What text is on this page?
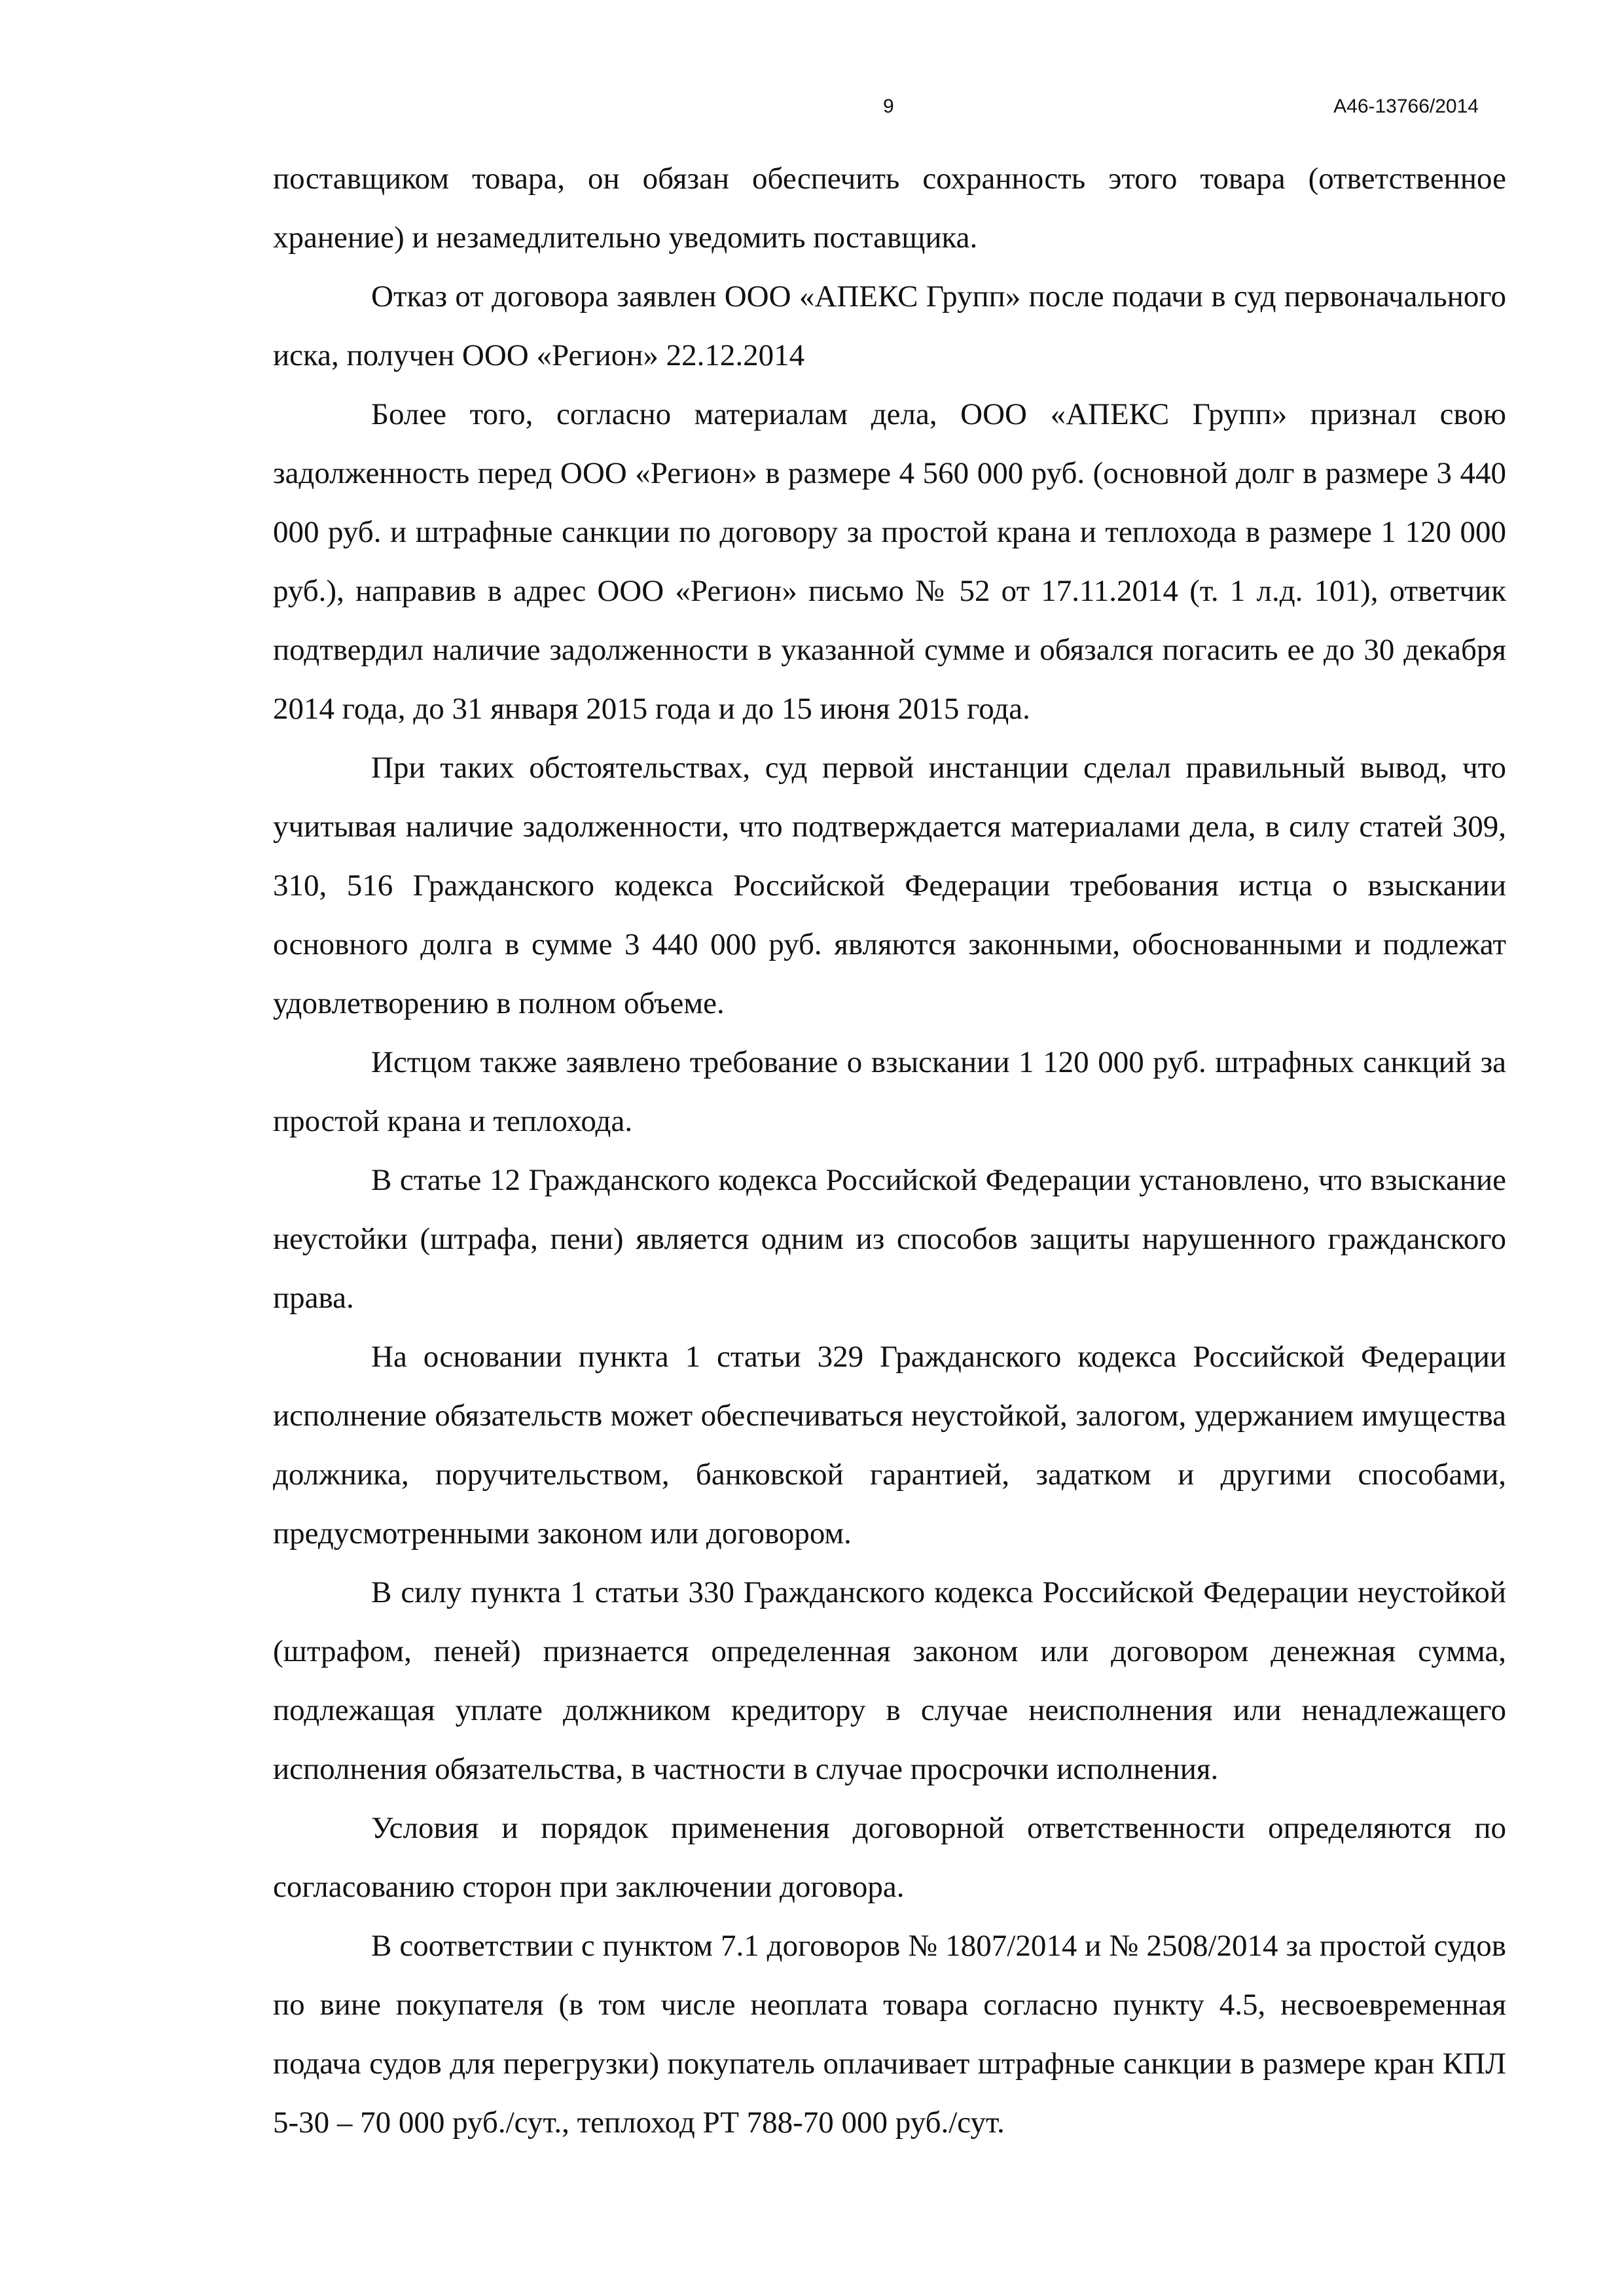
9	А46-13766/2014

поставщиком товара, он обязан обеспечить сохранность этого товара (ответственное хранение) и незамедлительно уведомить поставщика.

Отказ от договора заявлен ООО «АПЕКС Групп» после подачи в суд первоначального иска, получен ООО «Регион» 22.12.2014

Более того, согласно материалам дела, ООО «АПЕКС Групп» признал свою задолженность перед ООО «Регион» в размере 4 560 000 руб. (основной долг в размере 3 440 000 руб. и штрафные санкции по договору за простой крана и теплохода в размере 1 120 000 руб.), направив в адрес ООО «Регион» письмо № 52 от 17.11.2014 (т. 1 л.д. 101), ответчик подтвердил наличие задолженности в указанной сумме и обязался погасить ее до 30 декабря 2014 года, до 31 января 2015 года и до 15 июня 2015 года.

При таких обстоятельствах, суд первой инстанции сделал правильный вывод, что учитывая наличие задолженности, что подтверждается материалами дела, в силу статей 309, 310, 516 Гражданского кодекса Российской Федерации требования истца о взыскании основного долга в сумме 3 440 000 руб. являются законными, обоснованными и подлежат удовлетворению в полном объеме.

Истцом также заявлено требование о взыскании 1 120 000 руб. штрафных санкций за простой крана и теплохода.

В статье 12 Гражданского кодекса Российской Федерации установлено, что взыскание неустойки (штрафа, пени) является одним из способов защиты нарушенного гражданского права.

На основании пункта 1 статьи 329 Гражданского кодекса Российской Федерации исполнение обязательств может обеспечиваться неустойкой, залогом, удержанием имущества должника, поручительством, банковской гарантией, задатком и другими способами, предусмотренными законом или договором.

В силу пункта 1 статьи 330 Гражданского кодекса Российской Федерации неустойкой (штрафом, пеней) признается определенная законом или договором денежная сумма, подлежащая уплате должником кредитору в случае неисполнения или ненадлежащего исполнения обязательства, в частности в случае просрочки исполнения.

Условия и порядок применения договорной ответственности определяются по согласованию сторон при заключении договора.

В соответствии с пунктом 7.1 договоров № 1807/2014 и № 2508/2014 за простой судов по вине покупателя (в том числе неоплата товара согласно пункту 4.5, несвоевременная подача судов для перегрузки) покупатель оплачивает штрафные санкции в размере кран КПЛ 5-30 – 70 000 руб./сут., теплоход РТ 788-70 000 руб./сут.
